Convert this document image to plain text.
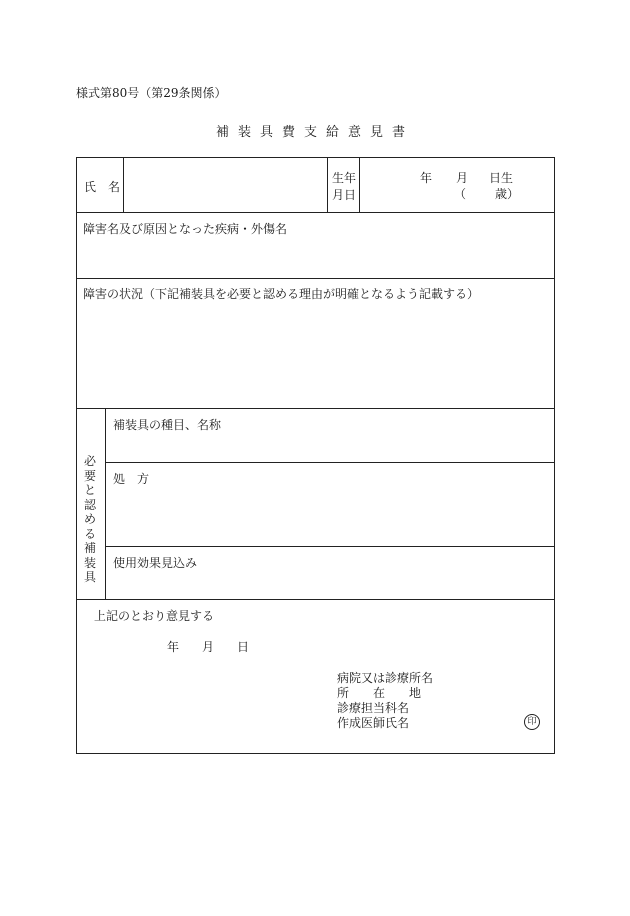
様式第80号（第29条関係）
補装具費支給意見書
氏　名
生年
月日
年 月 日生
（ 歳）
障害名及び原因となった疾病・外傷名
障害の状況（下記補装具を必要と認める理由が明確となるよう記載する）
必要と認める補装具
補装具の種目、名称
処　方
使用効果見込み
上記のとおり意見する
年 月 日
病院又は診療所名
所　　在　　地
診療担当科名
作成医師氏名	印
